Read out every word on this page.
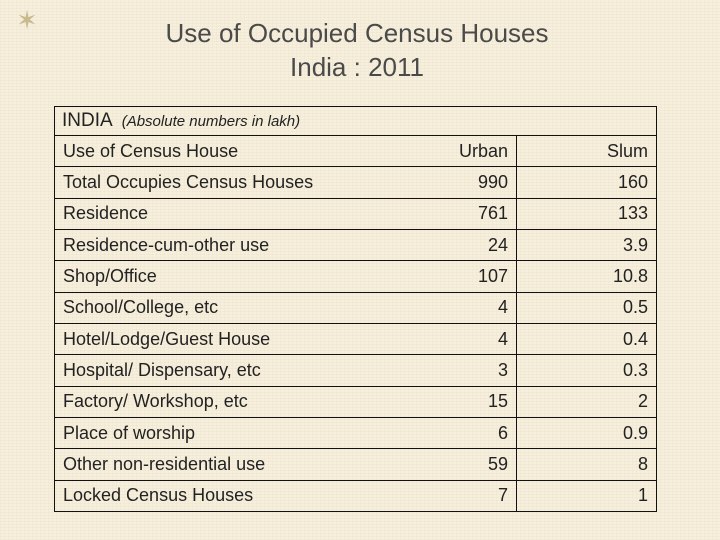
✶	Use of Occupied Census Houses
India : 2011
INDIA (Absolute numbers in lakh)		
Use of Census House	Urban	Slum
Total Occupies Census Houses	990	160
Residence	761	133
Residence-cum-other use	24	3.9
Shop/Office	107	10.8
School/College, etc	4	0.5
Hotel/Lodge/Guest House	4	0.4
Hospital/ Dispensary, etc	3	0.3
Factory/ Workshop, etc	15	2
Place of worship	6	0.9
Other non-residential use	59	8
Locked Census Houses	7	1
